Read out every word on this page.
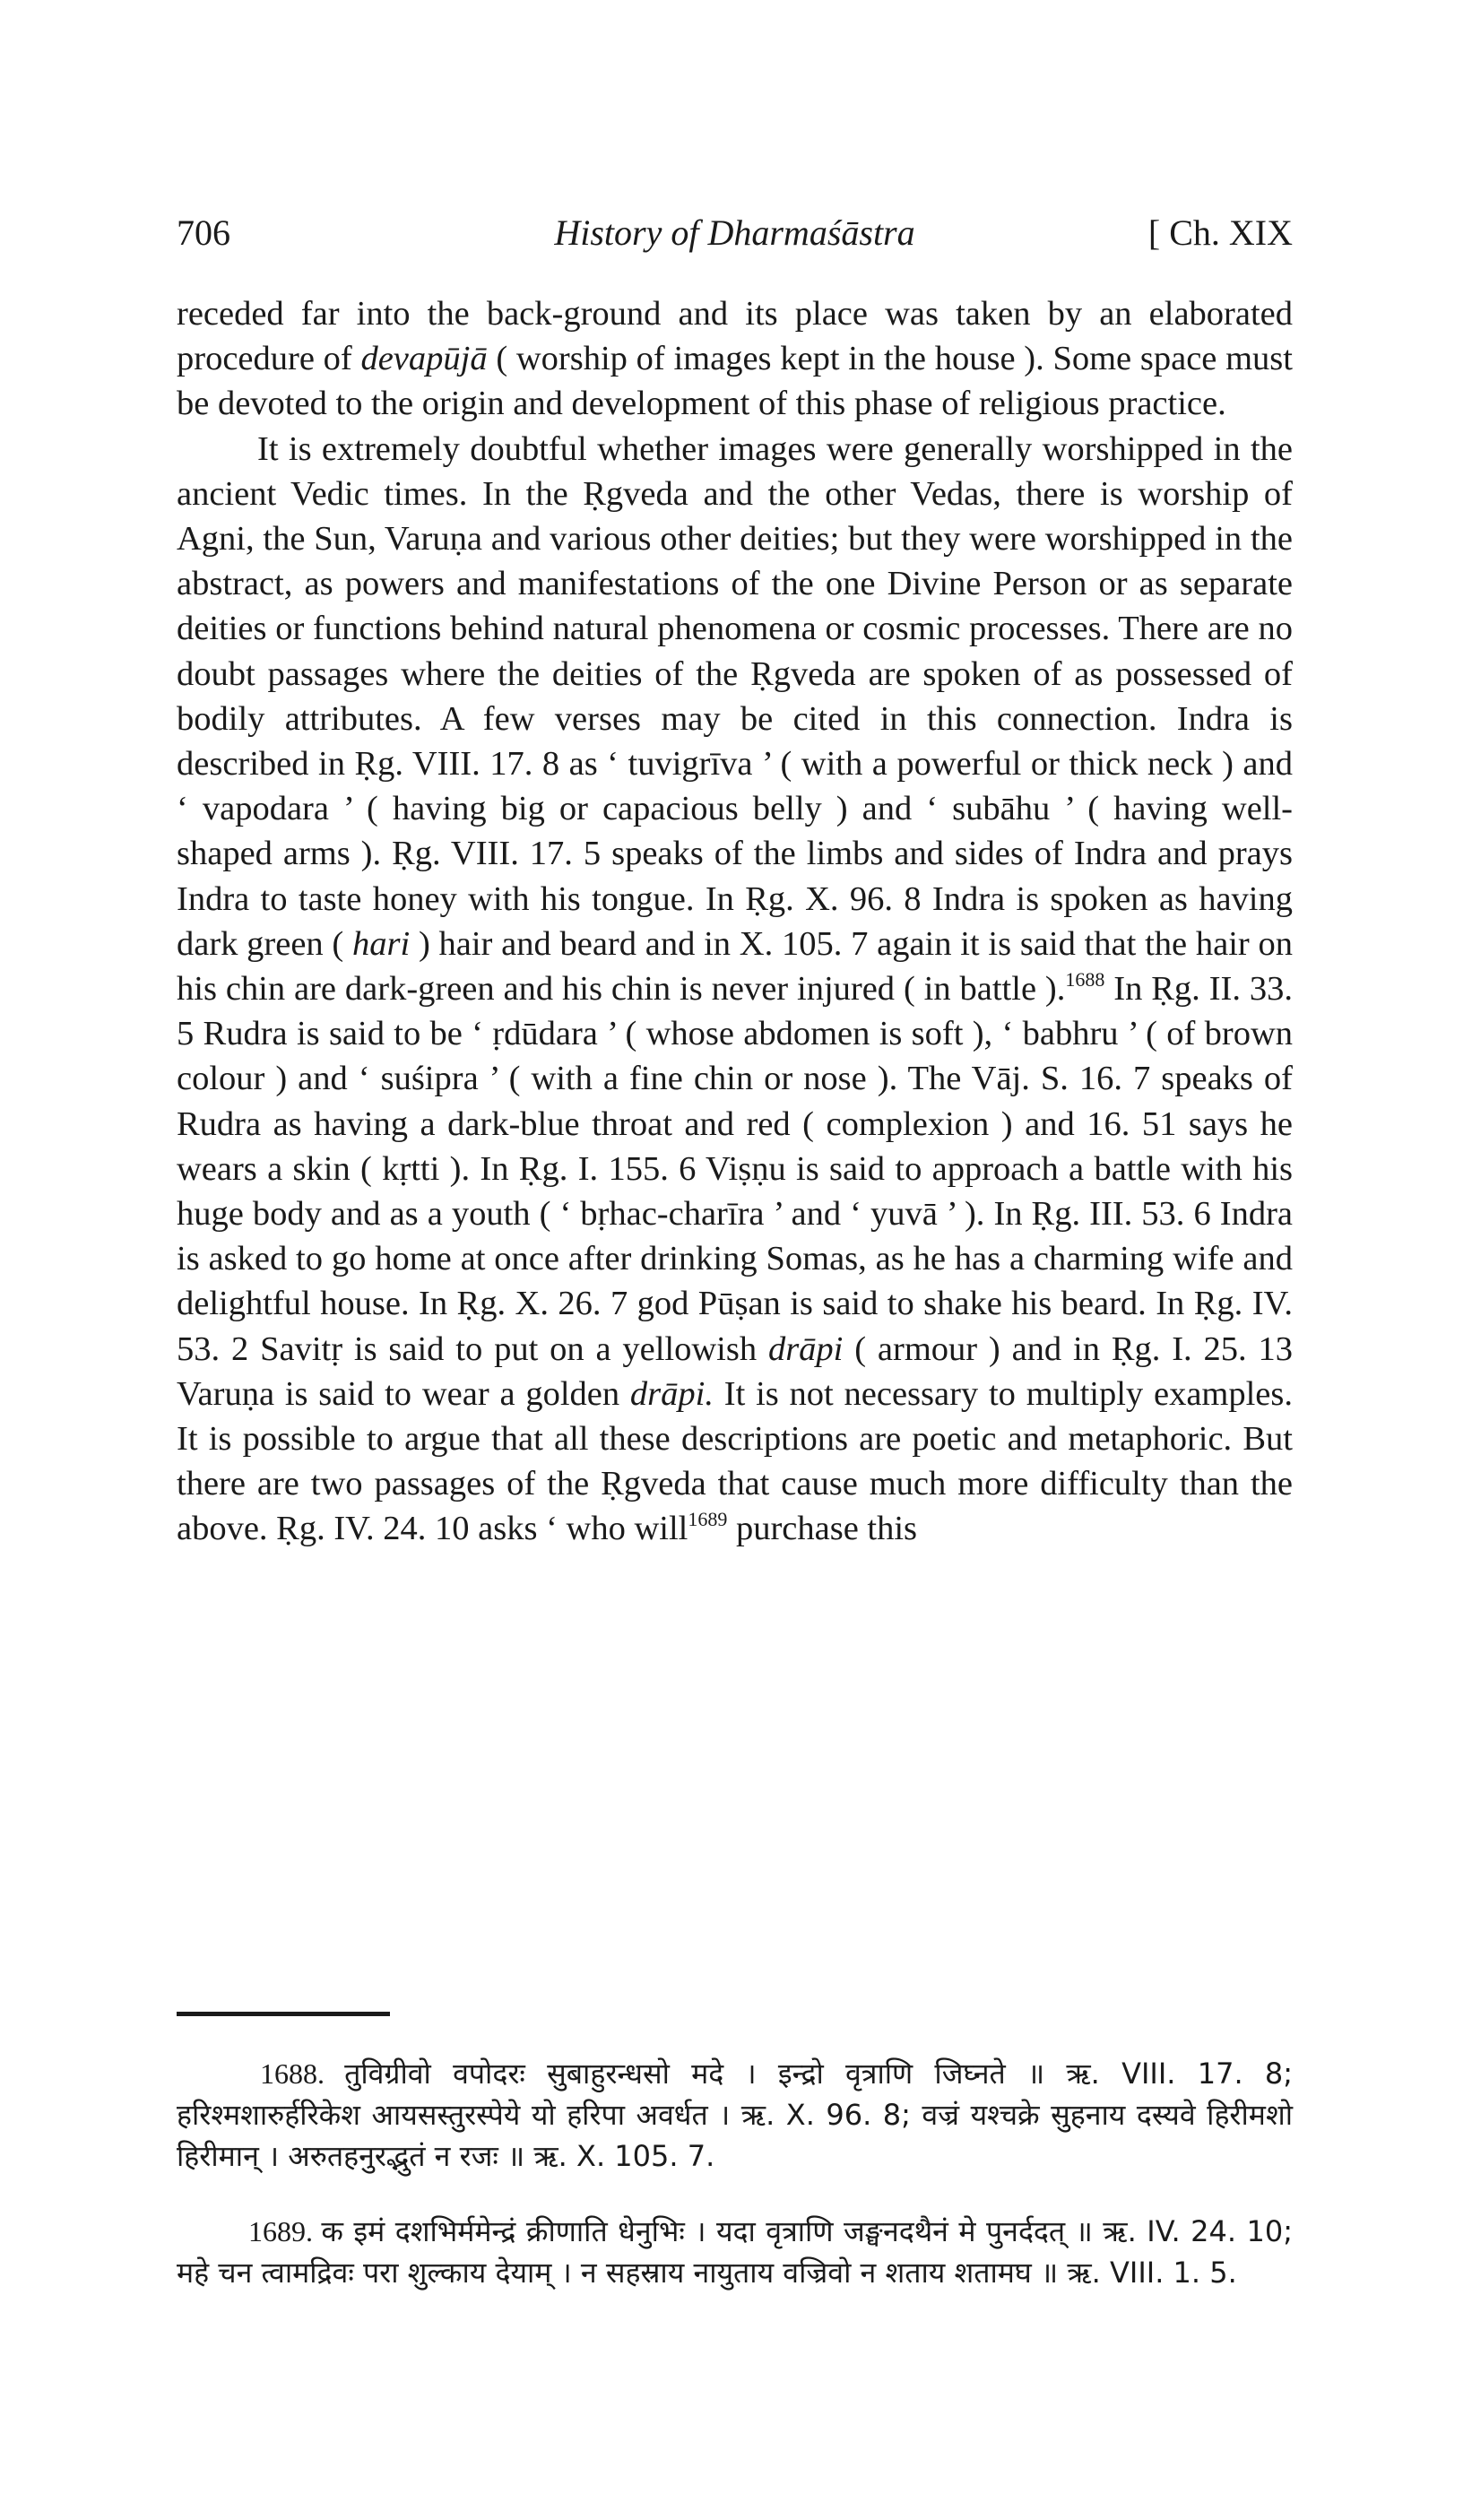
706	History of Dharmaśāstra	[ Ch. XIX

receded far into the back-ground and its place was taken by an elaborated procedure of devapūjā ( worship of images kept in the house ). Some space must be devoted to the origin and development of this phase of religious practice.

It is extremely doubtful whether images were generally worshipped in the ancient Vedic times. In the Ṛgveda and the other Vedas, there is worship of Agni, the Sun, Varuṇa and various other deities; but they were worshipped in the abstract, as powers and manifestations of the one Divine Person or as separate deities or functions behind natural phenomena or cosmic processes. There are no doubt passages where the deities of the Ṛgveda are spoken of as possessed of bodily attributes. A few verses may be cited in this connection. Indra is described in Ṛg. VIII. 17. 8 as ‘ tuvigrīva ’ ( with a powerful or thick neck ) and ‘ vapodara ’ ( having big or capacious belly ) and ‘ subāhu ’ ( having well-shaped arms ). Ṛg. VIII. 17. 5 speaks of the limbs and sides of Indra and prays Indra to taste honey with his tongue. In Ṛg. X. 96. 8 Indra is spoken as having dark green ( hari ) hair and beard and in X. 105. 7 again it is said that the hair on his chin are dark-green and his chin is never injured ( in battle ).$^{1688}$ In Ṛg. II. 33. 5 Rudra is said to be ‘ ṛdūdara ’ ( whose abdomen is soft ), ‘ babhru ’ ( of brown colour ) and ‘ suśipra ’ ( with a fine chin or nose ). The Vāj. S. 16. 7 speaks of Rudra as having a dark-blue throat and red ( complexion ) and 16. 51 says he wears a skin ( kṛtti ). In Ṛg. I. 155. 6 Viṣṇu is said to approach a battle with his huge body and as a youth ( ‘ bṛhac-charīra ’ and ‘ yuvā ’ ). In Ṛg. III. 53. 6 Indra is asked to go home at once after drinking Somas, as he has a charming wife and delightful house. In Ṛg. X. 26. 7 god Pūṣan is said to shake his beard. In Ṛg. IV. 53. 2 Savitṛ is said to put on a yellowish drāpi ( armour ) and in Ṛg. I. 25. 13 Varuṇa is said to wear a golden drāpi. It is not necessary to multiply examples. It is possible to argue that all these descriptions are poetic and metaphoric. But there are two passages of the Ṛgveda that cause much more difficulty than the above. Ṛg. IV. 24. 10 asks ‘ who will$^{1689}$ purchase this

1688. तुविग्रीवो वपोदरः सुबाहुरन्धसो मदे । इन्द्रो वृत्राणि जिघ्नते ॥ ऋ. VIII. 17. 8; हरिश्मशारुर्हरिकेश आयसस्तुरस्पेये यो हरिपा अवर्धत । ऋ. X. 96. 8; वज्रं यश्चक्रे सुहनाय दस्यवे हिरीमशो हिरीमान् । अरुतहनुरद्भुतं न रजः ॥ ऋ. X. 105. 7.

1689. क इमं दशभिर्ममेन्द्रं क्रीणाति धेनुभिः । यदा वृत्राणि जङ्घनदथैनं मे पुनर्ददत् ॥ ऋ. IV. 24. 10; महे चन त्वामद्रिवः परा शुल्काय देयाम् । न सहस्राय नायुताय वज्रिवो न शताय शतामघ ॥ ऋ. VIII. 1. 5.
